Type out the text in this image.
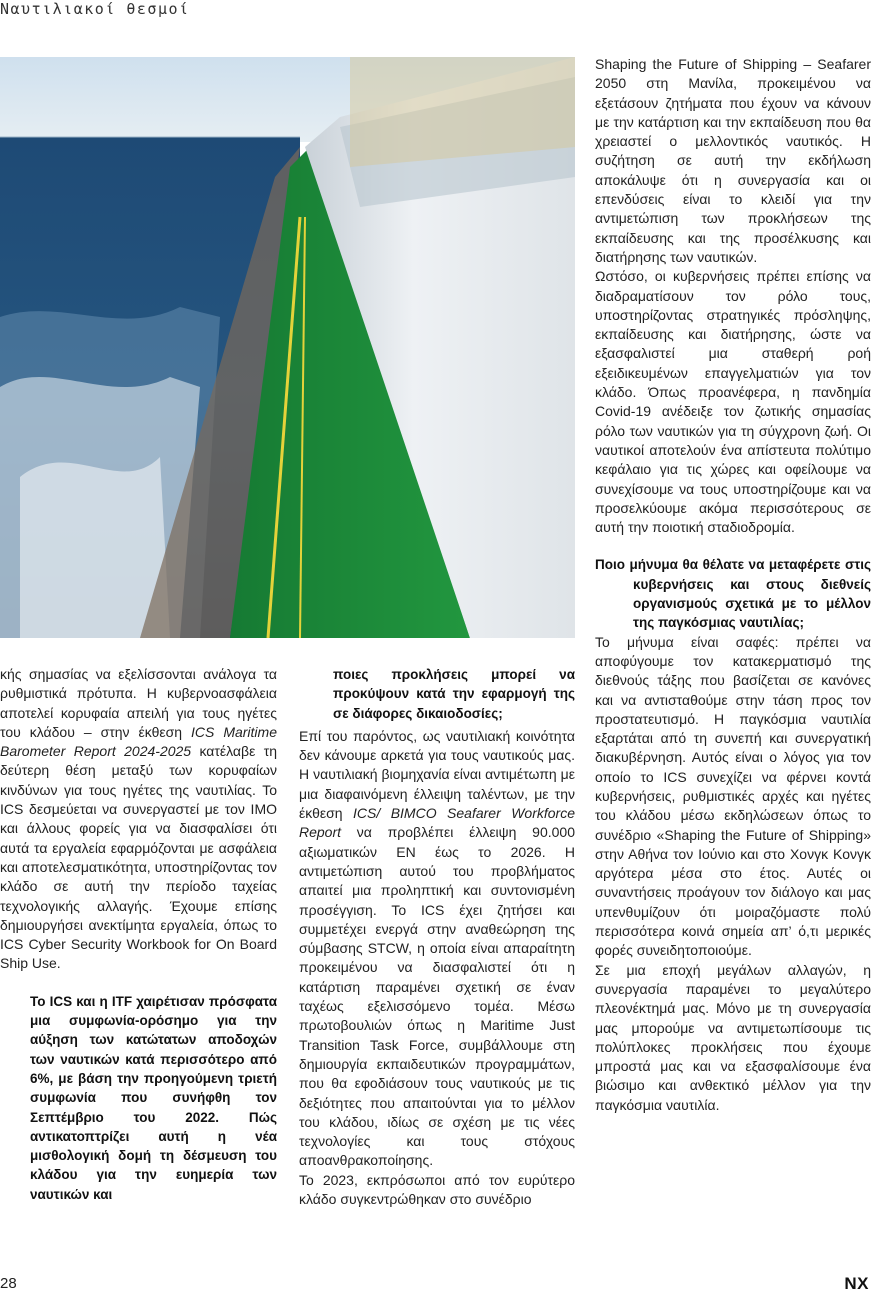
Ναυτιλιακοί θεσμοί

κής σημασίας να εξελίσσονται ανάλογα τα ρυθμιστικά πρότυπα. Η κυβερνοασφάλεια αποτελεί κορυφαία απειλή για τους ηγέτες του κλάδου – στην έκθεση ICS Maritime Barometer Report 2024-2025 κατέλαβε τη δεύτερη θέση μεταξύ των κορυφαίων κινδύνων για τους ηγέτες της ναυτιλίας. Το ICS δεσμεύεται να συνεργαστεί με τον IMO και άλλους φορείς για να διασφαλίσει ότι αυτά τα εργαλεία εφαρμόζονται με ασφάλεια και αποτελεσματικότητα, υποστηρίζοντας τον κλάδο σε αυτή την περίοδο ταχείας τεχνολογικής αλλαγής. Έχουμε επίσης δημιουργήσει ανεκτίμητα εργαλεία, όπως το ICS Cyber Security Workbook for On Board Ship Use.

Το ICS και η ITF χαιρέτισαν πρόσφατα μια συμφωνία-ορόσημο για την αύξηση των κατώτατων αποδοχών των ναυτικών κατά περισσότερο από 6%, με βάση την προηγούμενη τριετή συμφωνία που συνήφθη τον Σεπτέμβριο του 2022. Πώς αντικατοπτρίζει αυτή η νέα μισθολογική δομή τη δέσμευση του κλάδου για την ευημερία των ναυτικών και

ποιες προκλήσεις μπορεί να προκύψουν κατά την εφαρμογή της σε διάφορες δικαιοδοσίες;

Επί του παρόντος, ως ναυτιλιακή κοινότητα δεν κάνουμε αρκετά για τους ναυτικούς μας. Η ναυτιλιακή βιομηχανία είναι αντιμέτωπη με μια διαφαινόμενη έλλειψη ταλέντων, με την έκθεση ICS/ BIMCO Seafarer Workforce Report να προβλέπει έλλειψη 90.000 αξιωματικών ΕΝ έως το 2026. Η αντιμετώπιση αυτού του προβλήματος απαιτεί μια προληπτική και συντονισμένη προσέγγιση. Το ICS έχει ζητήσει και συμμετέχει ενεργά στην αναθεώρηση της σύμβασης STCW, η οποία είναι απαραίτητη προκειμένου να διασφαλιστεί ότι η κατάρτιση παραμένει σχετική σε έναν ταχέως εξελισσόμενο τομέα. Μέσω πρωτοβουλιών όπως η Maritime Just Transition Task Force, συμβάλλουμε στη δημιουργία εκπαιδευτικών προγραμμάτων, που θα εφοδιάσουν τους ναυτικούς με τις δεξιότητες που απαιτούνται για το μέλλον του κλάδου, ιδίως σε σχέση με τις νέες τεχνολογίες και τους στόχους απoανθρακοποίησης.

Το 2023, εκπρόσωποι από τον ευρύτερο κλάδο συγκεντρώθηκαν στο συνέδριο

Shaping the Future of Shipping – Seafarer 2050 στη Μανίλα, προκειμένου να εξετάσουν ζητήματα που έχουν να κάνουν με την κατάρτιση και την εκπαίδευση που θα χρειαστεί ο μελλοντικός ναυτικός. Η συζήτηση σε αυτή την εκδήλωση αποκάλυψε ότι η συνεργασία και οι επενδύσεις είναι το κλειδί για την αντιμετώπιση των προκλήσεων της εκπαίδευσης και της προσέλκυσης και διατήρησης των ναυτικών.

Ωστόσο, οι κυβερνήσεις πρέπει επίσης να διαδραματίσουν τον ρόλο τους, υποστηρίζοντας στρατηγικές πρόσληψης, εκπαίδευσης και διατήρησης, ώστε να εξασφαλιστεί μια σταθερή ροή εξειδικευμένων επαγγελματιών για τον κλάδο. Όπως προανέφερα, η πανδημία Covid-19 ανέδειξε τον ζωτικής σημασίας ρόλο των ναυτικών για τη σύγχρονη ζωή. Οι ναυτικοί αποτελούν ένα απίστευτα πολύτιμο κεφάλαιο για τις χώρες και οφείλουμε να συνεχίσουμε να τους υποστηρίζουμε και να προσελκύουμε ακόμα περισσότερους σε αυτή την ποιοτική σταδιοδρομία.

Ποιο μήνυμα θα θέλατε να μεταφέρετε στις κυβερνήσεις και στους διεθνείς οργανισμούς σχετικά με το μέλλον της παγκόσμιας ναυτιλίας;

Το μήνυμα είναι σαφές: πρέπει να αποφύγουμε τον κατακερματισμό της διεθνούς τάξης που βασίζεται σε κανόνες και να αντισταθούμε στην τάση προς τον προστατευτισμό. Η παγκόσμια ναυτιλία εξαρτάται από τη συνεπή και συνεργατική διακυβέρνηση. Αυτός είναι ο λόγος για τον οποίο το ICS συνεχίζει να φέρνει κοντά κυβερνήσεις, ρυθμιστικές αρχές και ηγέτες του κλάδου μέσω εκδηλώσεων όπως το συνέδριο «Shaping the Future of Shipping» στην Αθήνα τον Ιούνιο και στο Χονγκ Κονγκ αργότερα μέσα στο έτος. Αυτές οι συναντήσεις προάγουν τον διάλογο και μας υπενθυμίζουν ότι μοιραζόμαστε πολύ περισσότερα κοινά σημεία απ’ ό,τι μερικές φορές συνειδητοποιούμε.

Σε μια εποχή μεγάλων αλλαγών, η συνεργασία παραμένει το μεγαλύτερο πλεονέκτημά μας. Μόνο με τη συνεργασία μας μπορούμε να αντιμετωπίσουμε τις πολύπλοκες προκλήσεις που έχουμε μπροστά μας και να εξασφαλίσουμε ένα βιώσιμο και ανθεκτικό μέλλον για την παγκόσμια ναυτιλία.

28	NX
